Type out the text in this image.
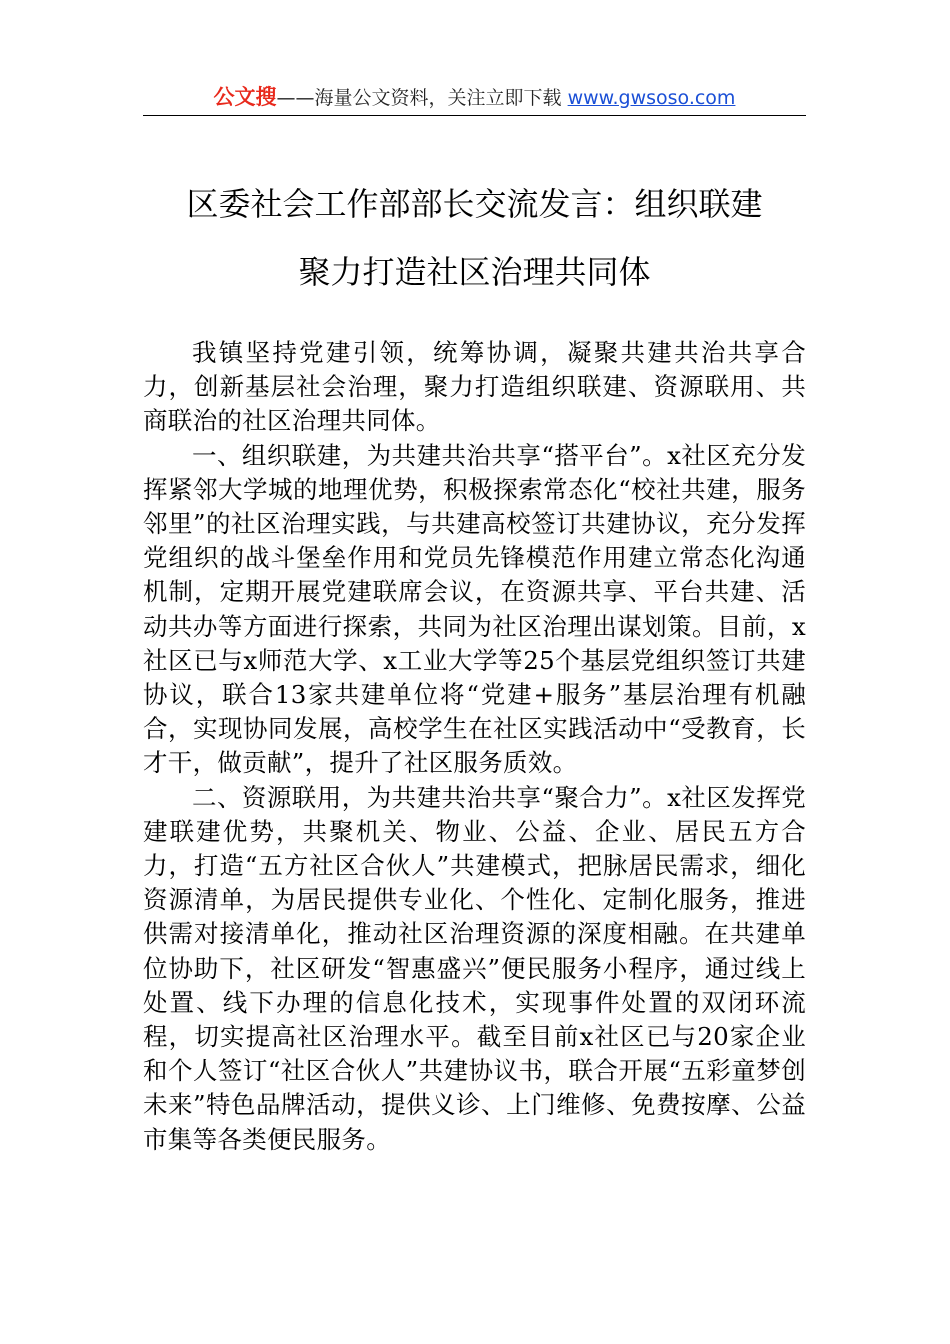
公文搜——海量公文资料，关注立即下载 www.gwsoso.com
区委社会工作部部长交流发言：组织联建
聚力打造社区治理共同体

我镇坚持党建引领，统筹协调，凝聚共建共治共享合力，创新基层社会治理，聚力打造组织联建、资源联用、共商联治的社区治理共同体。

一、组织联建，为共建共治共享“搭平台”。x社区充分发挥紧邻大学城的地理优势，积极探索常态化“校社共建，服务邻里”的社区治理实践，与共建高校签订共建协议，充分发挥党组织的战斗堡垒作用和党员先锋模范作用建立常态化沟通机制，定期开展党建联席会议，在资源共享、平台共建、活动共办等方面进行探索，共同为社区治理出谋划策。目前，x社区已与x师范大学、x工业大学等25个基层党组织签订共建协议，联合13家共建单位将“党建+服务”基层治理有机融合，实现协同发展，高校学生在社区实践活动中“受教育，长才干，做贡献”，提升了社区服务质效。

二、资源联用，为共建共治共享“聚合力”。x社区发挥党建联建优势，共聚机关、物业、公益、企业、居民五方合力，打造“五方社区合伙人”共建模式，把脉居民需求，细化资源清单，为居民提供专业化、个性化、定制化服务，推进供需对接清单化，推动社区治理资源的深度相融。在共建单位协助下，社区研发“智惠盛兴”便民服务小程序，通过线上处置、线下办理的信息化技术，实现事件处置的双闭环流程，切实提高社区治理水平。截至目前x社区已与20家企业和个人签订“社区合伙人”共建协议书，联合开展“五彩童梦创未来”特色品牌活动，提供义诊、上门维修、免费按摩、公益市集等各类便民服务。
